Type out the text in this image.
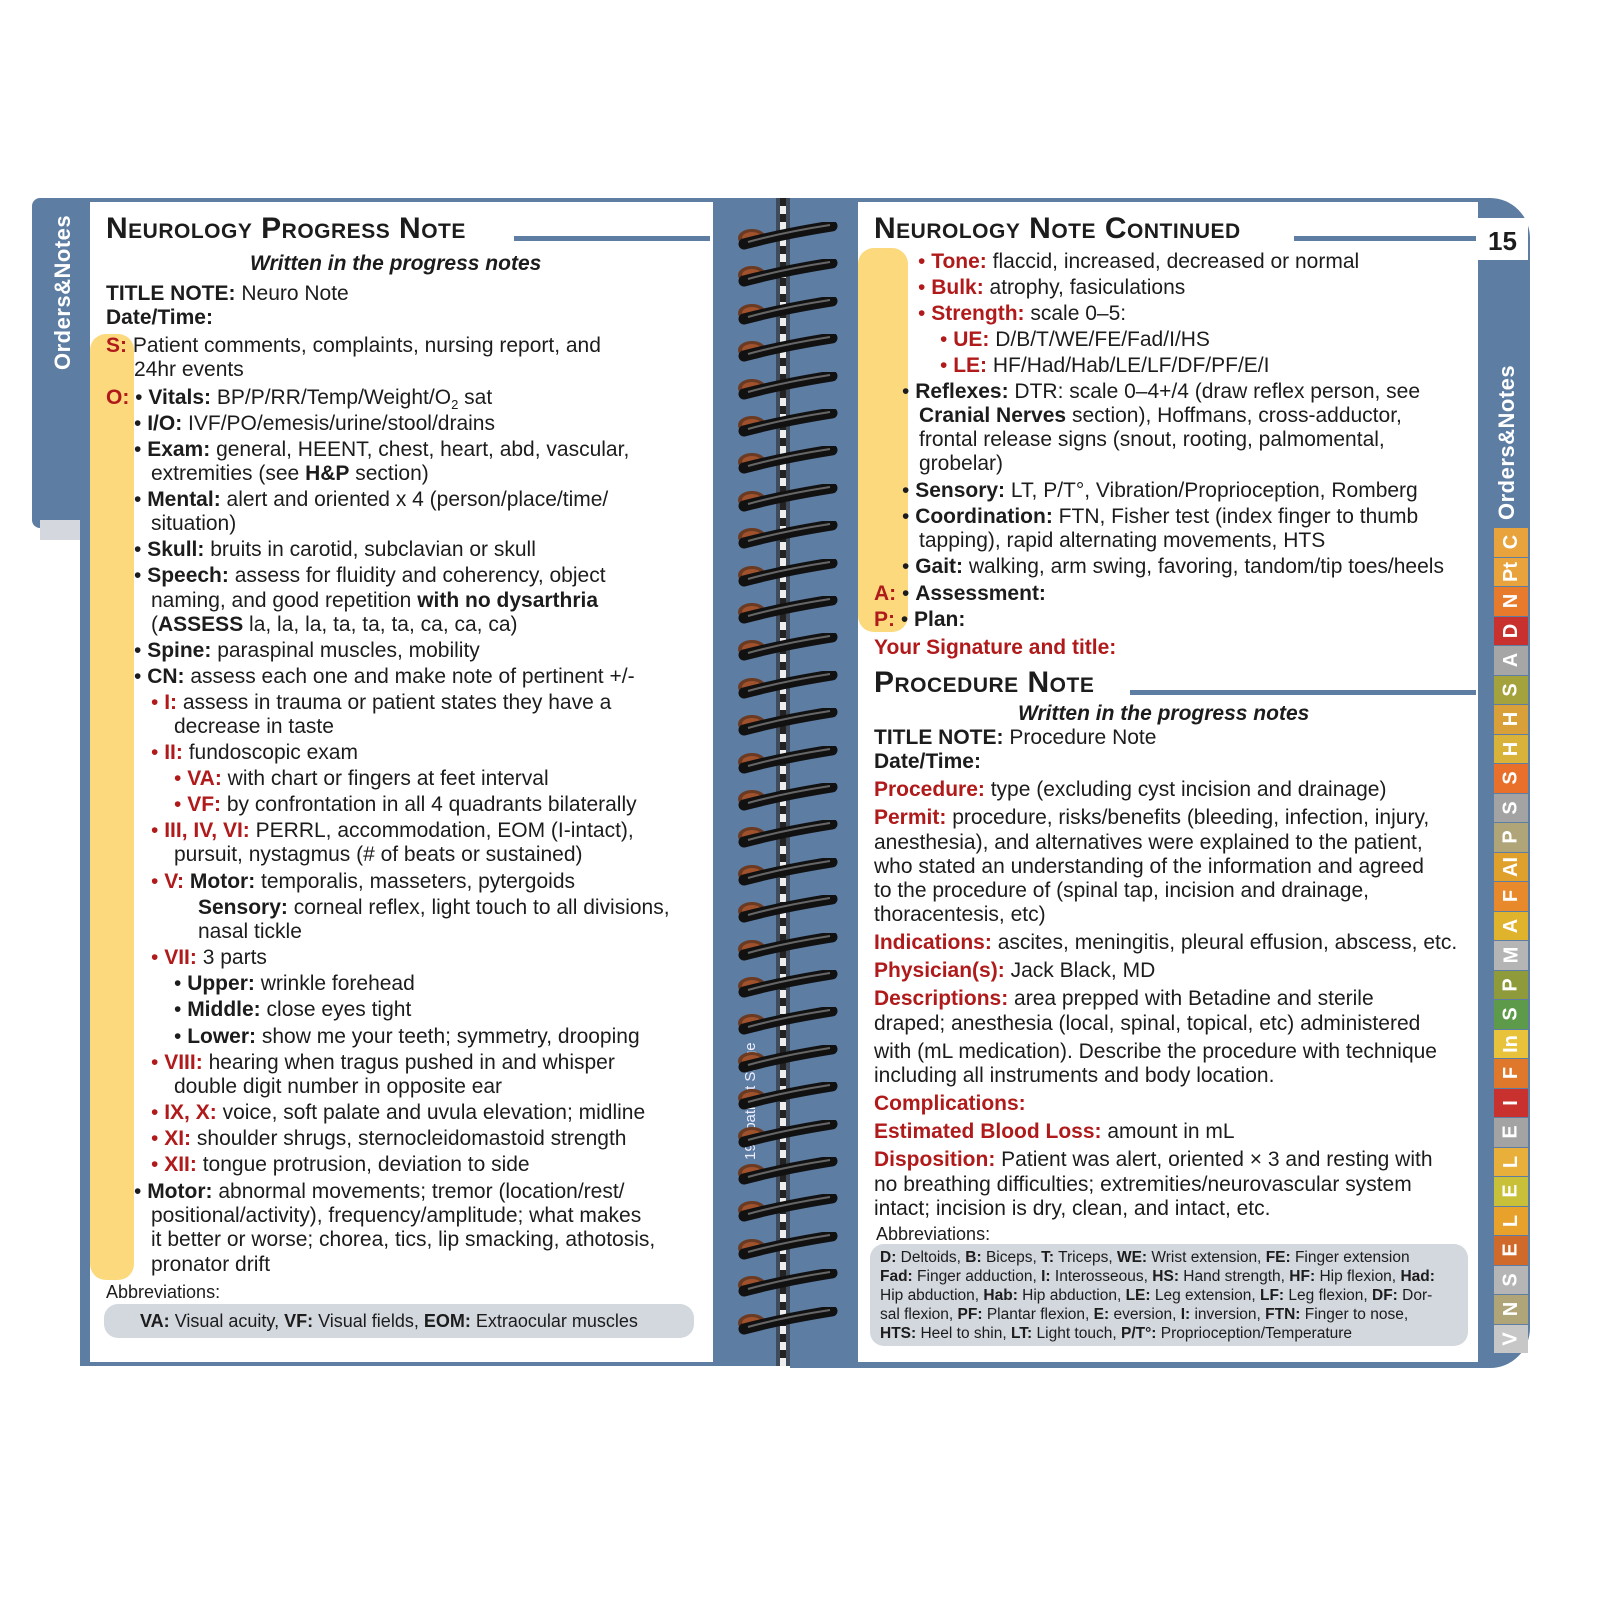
Orders&Notes
Orders&Notes
15
C
Pt
N
D
A
S
H
H
S
S
P
AI
F
A
M
P
S
In
F
I
E
L
E
L
E
S
N
V
Neurology Progress Note
Written in the progress notes
TITLE NOTE: Neuro Note
Date/Time:
S: Patient comments, complaints, nursing report, and
24hr events
O: • Vitals: $BP/P/RR/Temp/Weight/O_2$ sat
• I/O: IVF/PO/emesis/urine/stool/drains
• Exam: general, HEENT, chest, heart, abd, vascular,
extremities (see H&P section)
• Mental: alert and oriented x 4 (person/place/time/
situation)
• Skull: bruits in carotid, subclavian or skull
• Speech: assess for fluidity and coherency, object
naming, and good repetition with no dysarthria
(ASSESS la, la, la, ta, ta, ta, ca, ca, ca)
• Spine: paraspinal muscles, mobility
• CN: assess each one and make note of pertinent +/-
• I: assess in trauma or patient states they have a
decrease in taste
• II: fundoscopic exam
• VA: with chart or fingers at feet interval
• VF: by confrontation in all 4 quadrants bilaterally
• III, IV, VI: PERRL, accommodation, EOM (I-intact),
pursuit, nystagmus (# of beats or sustained)
• V: Motor: temporalis, masseters, pytergoids
Sensory: corneal reflex, light touch to all divisions,
nasal tickle
• VII: 3 parts
• Upper: wrinkle forehead
• Middle: close eyes tight
• Lower: show me your teeth; symmetry, drooping
• VIII: hearing when tragus pushed in and whisper
double digit number in opposite ear
• IX, X: voice, soft palate and uvula elevation; midline
• XI: shoulder shrugs, sternocleidomastoid strength
• XII: tongue protrusion, deviation to side
• Motor: abnormal movements; tremor (location/rest/
positional/activity), frequency/amplitude; what makes
it better or worse; chorea, tics, lip smacking, athotosis,
pronator drift
Abbreviations:
VA: Visual acuity, VF: Visual fields, EOM: Extraocular muscles
Neurology Note Continued
• Tone: flaccid, increased, decreased or normal
• Bulk: atrophy, fasiculations
• Strength: scale 0–5:
• UE: D/B/T/WE/FE/Fad/I/HS
• LE: HF/Had/Hab/LE/LF/DF/PF/E/I
• Reflexes: DTR: scale 0–4+/4 (draw reflex person, see
Cranial Nerves section), Hoffmans, cross-adductor,
frontal release signs (snout, rooting, palmomental,
grobelar)
• Sensory: LT, P/T°, Vibration/Proprioception, Romberg
• Coordination: FTN, Fisher test (index finger to thumb
tapping), rapid alternating movements, HTS
• Gait: walking, arm swing, favoring, tandom/tip toes/heels
A: • Assessment:
P: • Plan:
Your Signature and title:
Procedure Note
Written in the progress notes
TITLE NOTE: Procedure Note
Date/Time:
Procedure: type (excluding cyst incision and drainage)
Permit: procedure, risks/benefits (bleeding, infection, injury,
anesthesia), and alternatives were explained to the patient,
who stated an understanding of the information and agreed
to the procedure of (spinal tap, incision and drainage,
thoracentesis, etc)
Indications: ascites, meningitis, pleural effusion, abscess, etc.
Physician(s): Jack Black, MD
Descriptions: area prepped with Betadine and sterile
draped; anesthesia (local, spinal, topical, etc) administered
with (mL medication). Describe the procedure with technique
including all instruments and body location.
Complications:
Estimated Blood Loss: amount in mL
Disposition: Patient was alert, oriented × 3 and resting with
no breathing difficulties; extremities/neurovascular system
intact; incision is dry, clean, and intact, etc.
Abbreviations:
D: Deltoids, B: Biceps, T: Triceps, WE: Wrist extension, FE: Finger extension
Fad: Finger adduction, I: Interosseous, HS: Hand strength, HF: Hip flexion, Had:
Hip abduction, Hab: Hip abduction, LE: Leg extension, LF: Leg flexion, DF: Dor-
sal flexion, PF: Plantar flexion, E: eversion, I: inversion, FTN: Finger to nose,
HTS: Heel to shin, LT: Light touch, P/T°: Proprioception/Temperature
